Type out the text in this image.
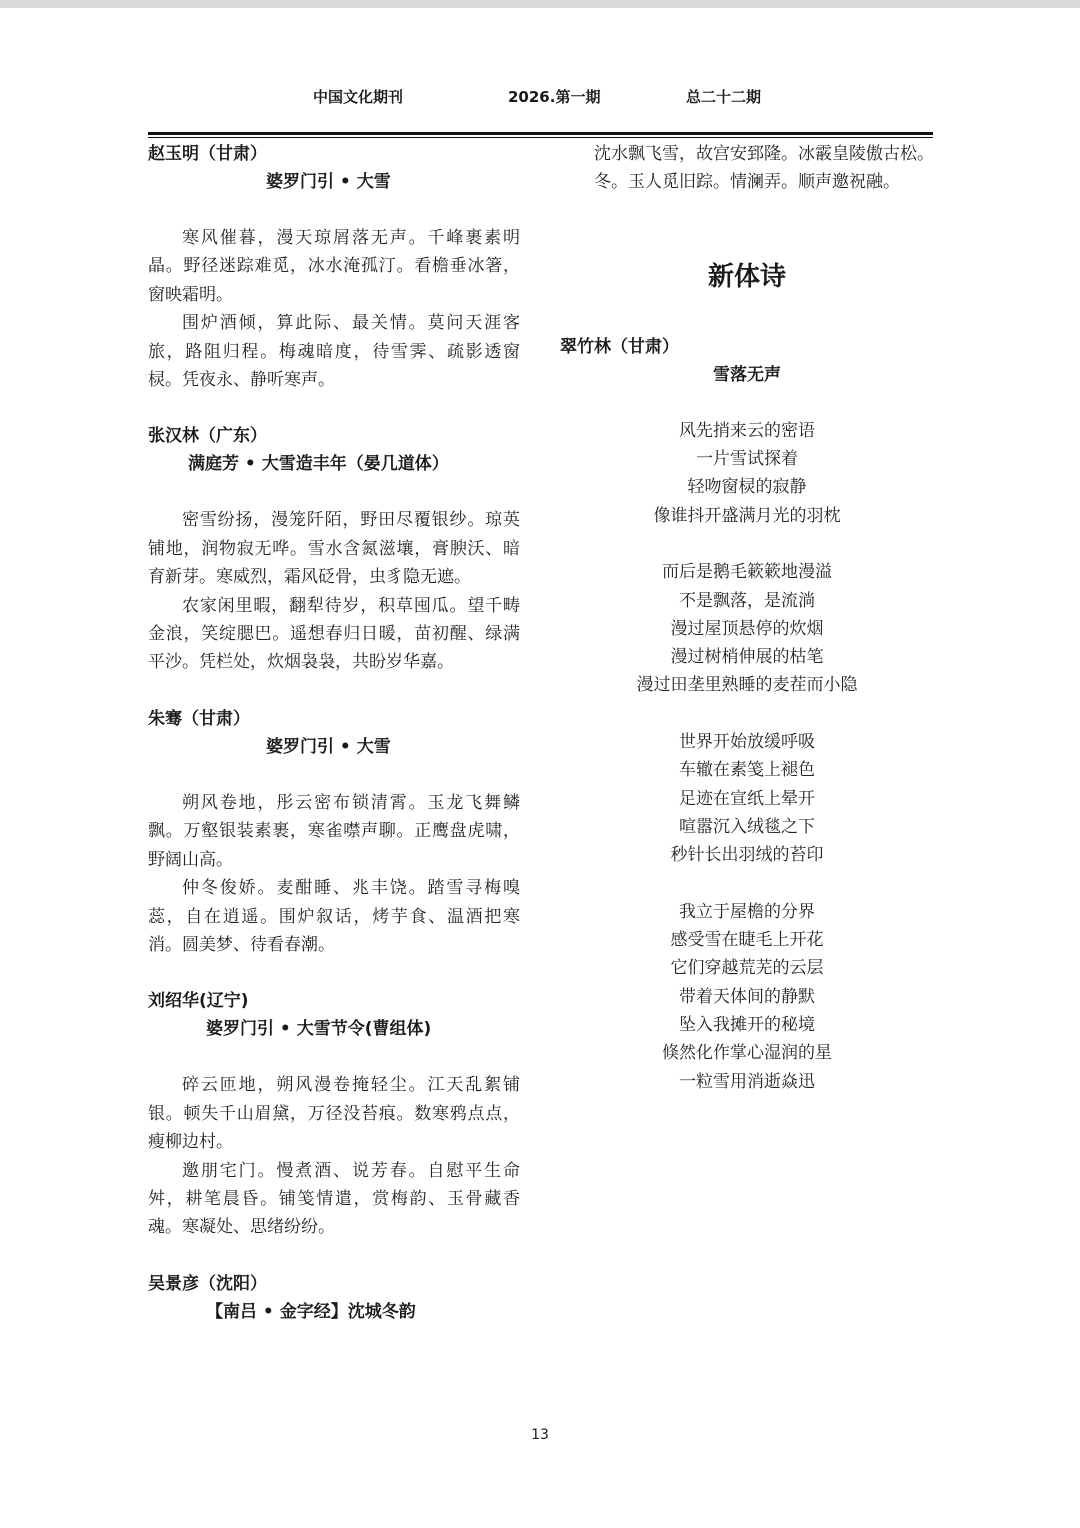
中国文化期刊	2026.第一期	总二十二期
赵玉明（甘肃）
婆罗门引 • 大雪

寒风催暮，漫天琼屑落无声。千峰裹素明晶。野径迷踪难觅，冰水淹孤汀。看檐垂冰箸，窗映霜明。

围炉酒倾，算此际、最关情。莫问天涯客旅，路阻归程。梅魂暗度，待雪霁、疏影透窗棂。凭夜永、静听寒声。

张汉林（广东）
满庭芳 • 大雪造丰年（晏几道体）

密雪纷扬，漫笼阡陌，野田尽覆银纱。琼英铺地，润物寂无哗。雪水含氮滋壤，膏腴沃、暗育新芽。寒威烈，霜风砭骨，虫豸隐无遮。

农家闲里暇，翻犁待岁，积草囤瓜。望千畴金浪，笑绽腮巴。遥想春归日暖，苗初醒、绿满平沙。凭栏处，炊烟袅袅，共盼岁华嘉。

朱骞（甘肃）
婆罗门引 • 大雪

朔风卷地，彤云密布锁清霄。玉龙飞舞鳞飘。万壑银装素裹，寒雀噤声聊。正鹰盘虎啸，野阔山高。

仲冬俊娇。麦酣睡、兆丰饶。踏雪寻梅嗅蕊，自在逍遥。围炉叙话，烤芋食、温酒把寒消。圆美梦、待看春潮。

刘绍华(辽宁)
婆罗门引 • 大雪节令(曹组体)

碎云匝地，朔风漫卷掩轻尘。江天乱絮铺银。顿失千山眉黛，万径没苔痕。数寒鸦点点，瘦柳边村。

邀朋宅门。慢煮酒、说芳春。自慰平生命舛，耕笔晨昏。铺笺情遣，赏梅韵、玉骨藏香魂。寒凝处、思绪纷纷。

吴景彦（沈阳）
【南吕 • 金字经】沈城冬韵

沈水飘飞雪，故宫安郅隆。冰霰皇陵傲古松。

冬。玉人觅旧踪。情澜弄。顺声邀祝融。

新体诗
翠竹林（甘肃）
雪落无声
风先捎来云的密语
一片雪试探着
轻吻窗棂的寂静
像谁抖开盛满月光的羽枕
而后是鹅毛簌簌地漫溢
不是飘落，是流淌
漫过屋顶悬停的炊烟
漫过树梢伸展的枯笔
漫过田垄里熟睡的麦茬而小隐
世界开始放缓呼吸
车辙在素笺上褪色
足迹在宣纸上晕开
喧嚣沉入绒毯之下
秒针长出羽绒的苔印
我立于屋檐的分界
感受雪在睫毛上开花
它们穿越荒芜的云层
带着天体间的静默
坠入我摊开的秘境
倏然化作掌心湿润的星
一粒雪用消逝焱迅
13
